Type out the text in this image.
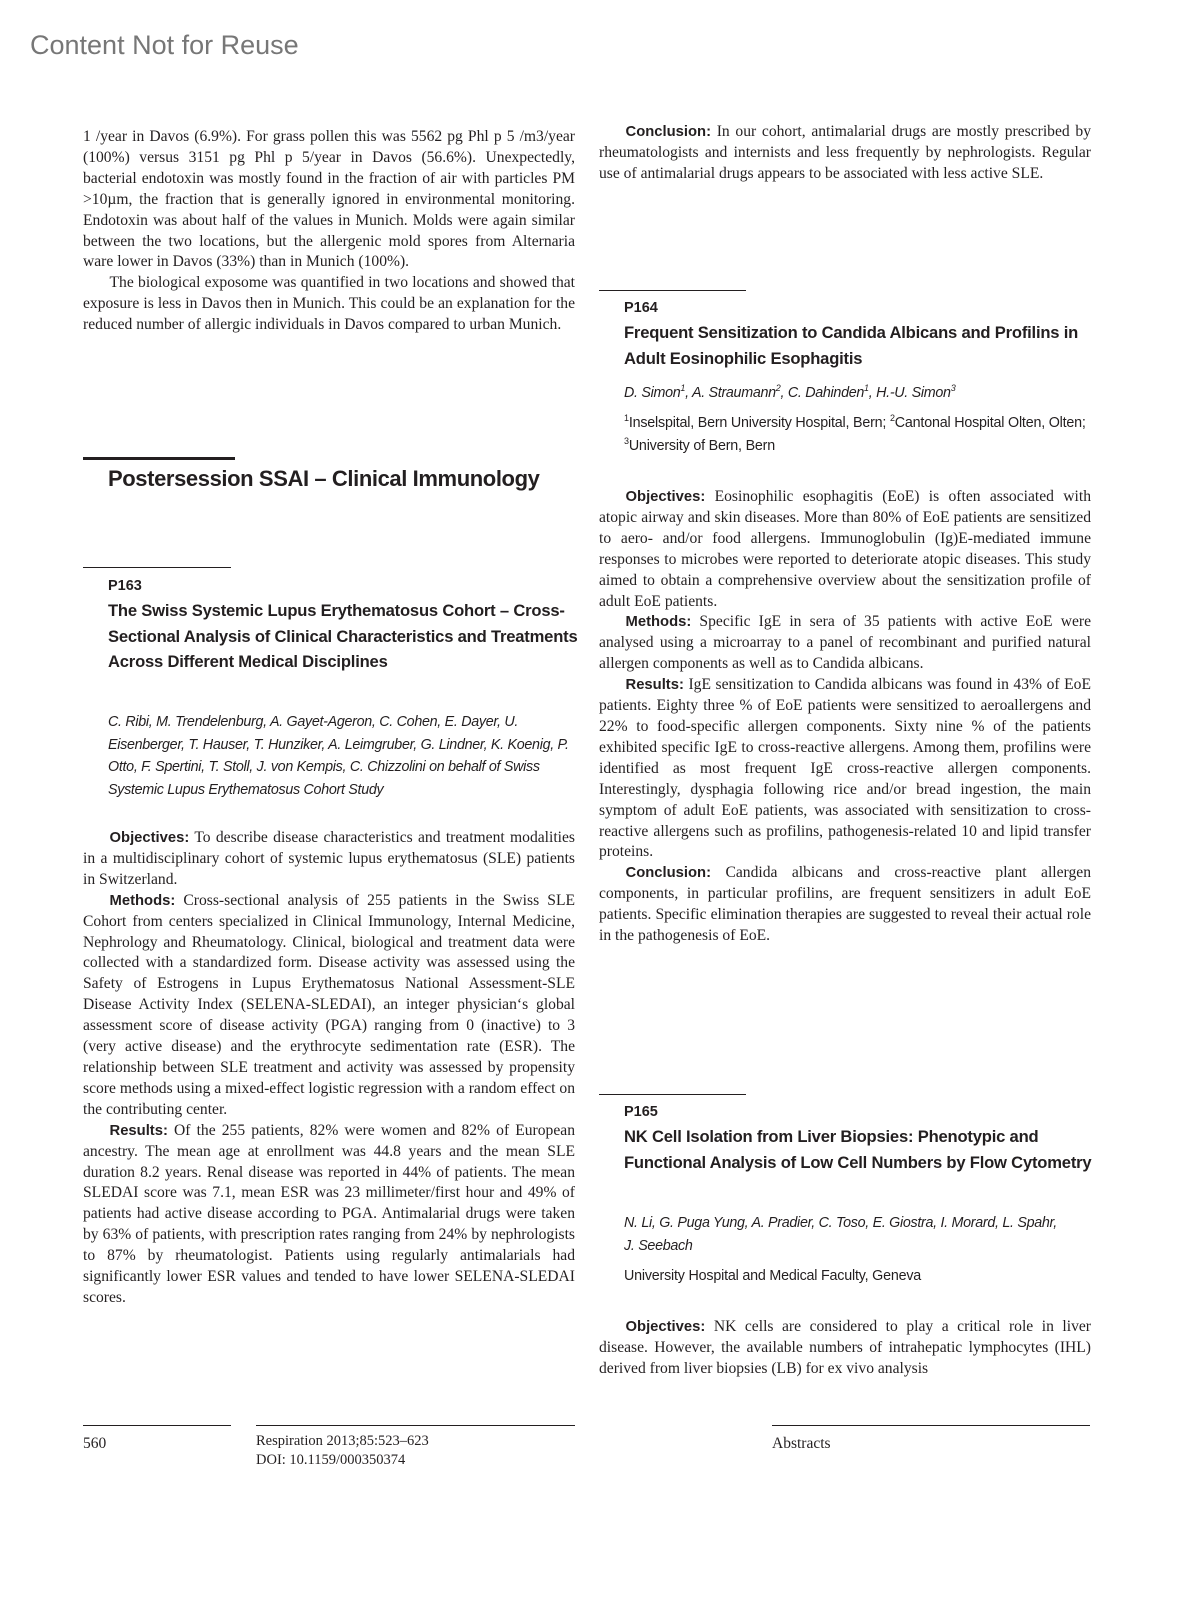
Content Not for Reuse

1 /year in Davos (6.9%). For grass pollen this was 5562 pg Phl p 5 /m3/year (100%) versus 3151 pg Phl p 5/year in Davos (56.6%). Unexpectedly, bacterial endotoxin was mostly found in the fraction of air with particles PM >10µm, the fraction that is generally ignored in environmental monitoring. Endotoxin was about half of the values in Munich. Molds were again similar between the two locations, but the allergenic mold spores from Alternaria ware lower in Davos (33%) than in Munich (100%).

The biological exposome was quantified in two locations and showed that exposure is less in Davos then in Munich. This could be an explanation for the reduced number of allergic individuals in Davos compared to urban Munich.

Postersession SSAI – Clinical Immunology
P163
The Swiss Systemic Lupus Erythematosus Cohort – Cross-Sectional Analysis of Clinical Characteristics and Treatments Across Different Medical Disciplines
C. Ribi, M. Trendelenburg, A. Gayet-Ageron, C. Cohen, E. Dayer, U. Eisenberger, T. Hauser, T. Hunziker, A. Leimgruber, G. Lindner, K. Koenig, P. Otto, F. Spertini, T. Stoll, J. von Kempis, C. Chizzolini on behalf of Swiss Systemic Lupus Erythematosus Cohort Study

Objectives: To describe disease characteristics and treatment modalities in a multidisciplinary cohort of systemic lupus erythematosus (SLE) patients in Switzerland.

Methods: Cross-sectional analysis of 255 patients in the Swiss SLE Cohort from centers specialized in Clinical Immunology, Internal Medicine, Nephrology and Rheumatology. Clinical, biological and treatment data were collected with a standardized form. Disease activity was assessed using the Safety of Estrogens in Lupus Erythematosus National Assessment-SLE Disease Activity Index (SELENA-SLEDAI), an integer physician‘s global assessment score of disease activity (PGA) ranging from 0 (inactive) to 3 (very active disease) and the erythrocyte sedimentation rate (ESR). The relationship between SLE treatment and activity was assessed by propensity score methods using a mixed-effect logistic regression with a random effect on the contributing center.

Results: Of the 255 patients, 82% were women and 82% of European ancestry. The mean age at enrollment was 44.8 years and the mean SLE duration 8.2 years. Renal disease was reported in 44% of patients. The mean SLEDAI score was 7.1, mean ESR was 23 millimeter/first hour and 49% of patients had active disease according to PGA. Antimalarial drugs were taken by 63% of patients, with prescription rates ranging from 24% by nephrologists to 87% by rheumatologist. Patients using regularly antimalarials had significantly lower ESR values and tended to have lower SELENA-SLEDAI scores.

Conclusion: In our cohort, antimalarial drugs are mostly prescribed by rheumatologists and internists and less frequently by nephrologists. Regular use of antimalarial drugs appears to be associated with less active SLE.

P164
Frequent Sensitization to Candida Albicans and Profilins in Adult Eosinophilic Esophagitis
D. Simon$^1$, A. Straumann$^2$, C. Dahinden$^1$, H.-U. Simon$^3$
$^1$Inselspital, Bern University Hospital, Bern; $^2$Cantonal Hospital Olten, Olten; $^3$University of Bern, Bern

Objectives: Eosinophilic esophagitis (EoE) is often associated with atopic airway and skin diseases. More than 80% of EoE patients are sensitized to aero- and/or food allergens. Immunoglobulin (Ig)E-mediated immune responses to microbes were reported to deteriorate atopic diseases. This study aimed to obtain a comprehensive overview about the sensitization profile of adult EoE patients.

Methods: Specific IgE in sera of 35 patients with active EoE were analysed using a microarray to a panel of recombinant and purified natural allergen components as well as to Candida albicans.

Results: IgE sensitization to Candida albicans was found in 43% of EoE patients. Eighty three % of EoE patients were sensitized to aeroallergens and 22% to food-specific allergen components. Sixty nine % of the patients exhibited specific IgE to cross-reactive allergens. Among them, profilins were identified as most frequent IgE cross-reactive allergen components. Interestingly, dysphagia following rice and/or bread ingestion, the main symptom of adult EoE patients, was associated with sensitization to cross-reactive allergens such as profilins, pathogenesis-related 10 and lipid transfer proteins.

Conclusion: Candida albicans and cross-reactive plant allergen components, in particular profilins, are frequent sensitizers in adult EoE patients. Specific elimination therapies are suggested to reveal their actual role in the pathogenesis of EoE.

P165
NK Cell Isolation from Liver Biopsies: Phenotypic and Functional Analysis of Low Cell Numbers by Flow Cytometry
N. Li, G. Puga Yung, A. Pradier, C. Toso, E. Giostra, I. Morard, L. Spahr, J. Seebach
University Hospital and Medical Faculty, Geneva

Objectives: NK cells are considered to play a critical role in liver disease. However, the available numbers of intrahepatic lymphocytes (IHL) derived from liver biopsies (LB) for ex vivo analysis

560	Respiration 2013;85:523–623
DOI: 10.1159/000350374
Abstracts
